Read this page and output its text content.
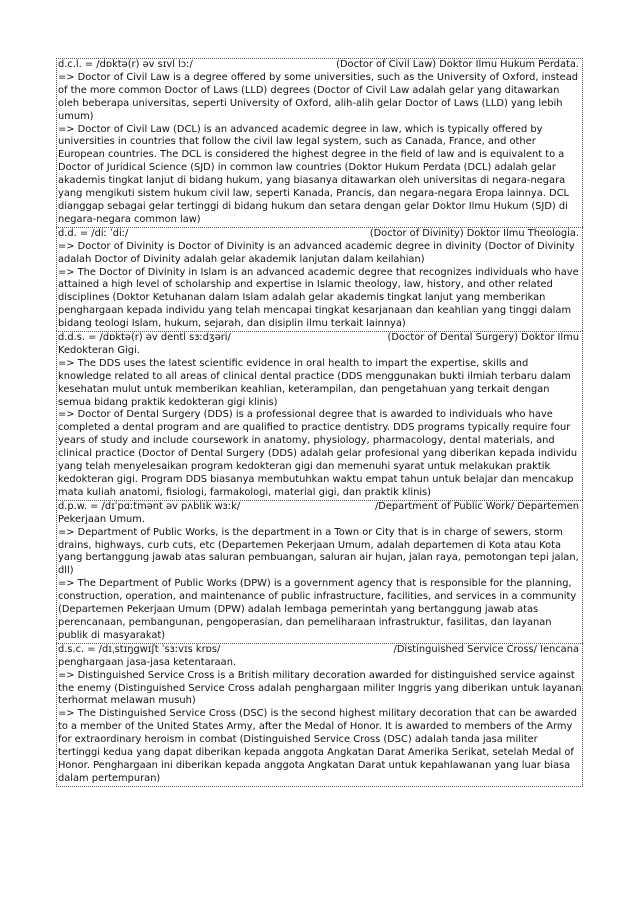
(Doctor of Civil Law) Doktor Ilmu Hukum Perdata.
d.c.l. = /dɒktə(r) əv sɪvl lɔː/
=> Doctor of Civil Law is a degree offered by some universities, such as the University of Oxford, instead of the more common Doctor of Laws (LLD) degrees (Doctor of Civil Law adalah gelar yang ditawarkan oleh beberapa universitas, seperti University of Oxford, alih-alih gelar Doctor of Laws (LLD) yang lebih umum)
=> Doctor of Civil Law (DCL) is an advanced academic degree in law, which is typically offered by universities in countries that follow the civil law legal system, such as Canada, France, and other European countries. The DCL is considered the highest degree in the field of law and is equivalent to a Doctor of Juridical Science (SJD) in common law countries (Doktor Hukum Perdata (DCL) adalah gelar akademis tingkat lanjut di bidang hukum, yang biasanya ditawarkan oleh universitas di negara-negara yang mengikuti sistem hukum civil law, seperti Kanada, Prancis, dan negara-negara Eropa lainnya. DCL dianggap sebagai gelar tertinggi di bidang hukum dan setara dengan gelar Doktor Ilmu Hukum (SJD) di negara-negara common law)
(Doctor of Divinity) Doktor Ilmu Theologia.
d.d. = /diː ˈdiː/
=> Doctor of Divinity is Doctor of Divinity is an advanced academic degree in divinity (Doctor of Divinity adalah Doctor of Divinity adalah gelar akademik lanjutan dalam keilahian)
=> The Doctor of Divinity in Islam is an advanced academic degree that recognizes individuals who have attained a high level of scholarship and expertise in Islamic theology, law, history, and other related disciplines (Doktor Ketuhanan dalam Islam adalah gelar akademis tingkat lanjut yang memberikan penghargaan kepada individu yang telah mencapai tingkat kesarjanaan dan keahlian yang tinggi dalam bidang teologi Islam, hukum, sejarah, dan disiplin ilmu terkait lainnya)
(Doctor of Dental Surgery) Doktor Ilmu
d.d.s. = /dɒktə(r) əv dentl sɜːdʒəri/
Kedokteran Gigi.
=> The DDS uses the latest scientific evidence in oral health to impart the expertise, skills and knowledge related to all areas of clinical dental practice (DDS menggunakan bukti ilmiah terbaru dalam kesehatan mulut untuk memberikan keahlian, keterampilan, dan pengetahuan yang terkait dengan semua bidang praktik kedokteran gigi klinis)
=> Doctor of Dental Surgery (DDS) is a professional degree that is awarded to individuals who have completed a dental program and are qualified to practice dentistry. DDS programs typically require four years of study and include coursework in anatomy, physiology, pharmacology, dental materials, and clinical practice (Doctor of Dental Surgery (DDS) adalah gelar profesional yang diberikan kepada individu yang telah menyelesaikan program kedokteran gigi dan memenuhi syarat untuk melakukan praktik kedokteran gigi. Program DDS biasanya membutuhkan waktu empat tahun untuk belajar dan mencakup mata kuliah anatomi, fisiologi, farmakologi, material gigi, dan praktik klinis)
/Department of Public Work/ Departemen
d.p.w. = /dɪˈpɑːtmənt əv pʌblɪk wɜːk/
Pekerjaan Umum.
=> Department of Public Works, is the department in a Town or City that is in charge of sewers, storm drains, highways, curb cuts, etc (Departemen Pekerjaan Umum, adalah departemen di Kota atau Kota yang bertanggung jawab atas saluran pembuangan, saluran air hujan, jalan raya, pemotongan tepi jalan, dll)
=> The Department of Public Works (DPW) is a government agency that is responsible for the planning, construction, operation, and maintenance of public infrastructure, facilities, and services in a community (Departemen Pekerjaan Umum (DPW) adalah lembaga pemerintah yang bertanggung jawab atas perencanaan, pembangunan, pengoperasian, dan pemeliharaan infrastruktur, fasilitas, dan layanan publik di masyarakat)
/Distinguished Service Cross/ Iencana
d.s.c. = /dɪˌstɪŋgwɪʃt ˈsɜːvɪs krɒs/
penghargaan jasa-jasa ketentaraan.
=> Distinguished Service Cross is a British military decoration awarded for distinguished service against the enemy (Distinguished Service Cross adalah penghargaan militer Inggris yang diberikan untuk layanan terhormat melawan musuh)
=> The Distinguished Service Cross (DSC) is the second highest military decoration that can be awarded to a member of the United States Army, after the Medal of Honor. It is awarded to members of the Army for extraordinary heroism in combat (Distinguished Service Cross (DSC) adalah tanda jasa militer tertinggi kedua yang dapat diberikan kepada anggota Angkatan Darat Amerika Serikat, setelah Medal of Honor. Penghargaan ini diberikan kepada anggota Angkatan Darat untuk kepahlawanan yang luar biasa dalam pertempuran)
